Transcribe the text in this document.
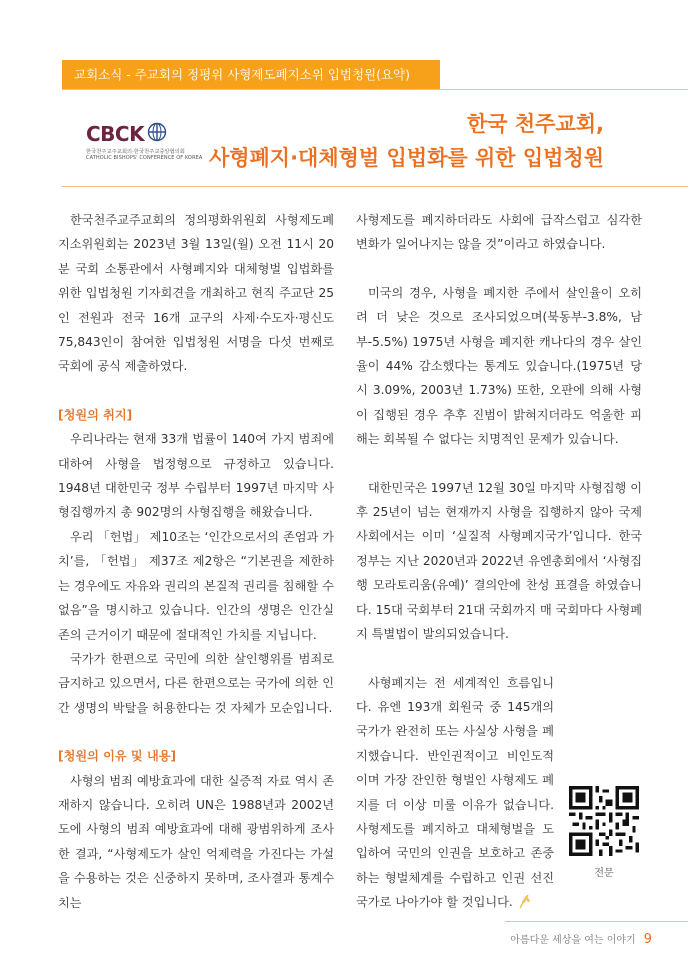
교회소식 - 주교회의 정평위 사형제도폐지소위 입법청원(요약)
CBCK
한국천주교주교회의·한국천주교중앙협의회
CATHOLIC BISHOPS' CONFERENCE OF KOREA
한국 천주교회,
사형폐지·대체형벌 입법화를 위한 입법청원

한국천주교주교회의 정의평화위원회 사형제도폐지소위원회는 2023년 3월 13일(월) 오전 11시 20분 국회 소통관에서 사형폐지와 대체형벌 입법화를 위한 입법청원 기자회견을 개최하고 현직 주교단 25인 전원과 전국 16개 교구의 사제·수도자·평신도 75,843인이 참여한 입법청원 서명을 다섯 번째로 국회에 공식 제출하였다.

[청원의 취지]

우리나라는 현재 33개 법률이 140여 가지 범죄에 대하여 사형을 법정형으로 규정하고 있습니다. 1948년 대한민국 정부 수립부터 1997년 마지막 사형집행까지 총 902명의 사형집행을 해왔습니다.

우리 「헌법」 제10조는 ‘인간으로서의 존엄과 가치’를, 「헌법」 제37조 제2항은 “기본권을 제한하는 경우에도 자유와 권리의 본질적 권리를 침해할 수 없음”을 명시하고 있습니다. 인간의 생명은 인간실존의 근거이기 때문에 절대적인 가치를 지닙니다.

국가가 한편으로 국민에 의한 살인행위를 범죄로 금지하고 있으면서, 다른 한편으로는 국가에 의한 인간 생명의 박탈을 허용한다는 것 자체가 모순입니다.

[청원의 이유 및 내용]

사형의 범죄 예방효과에 대한 실증적 자료 역시 존재하지 않습니다. 오히려 UN은 1988년과 2002년도에 사형의 범죄 예방효과에 대해 광범위하게 조사한 결과, “사형제도가 살인 억제력을 가진다는 가설을 수용하는 것은 신중하지 못하며, 조사결과 통계수치는

사형제도를 폐지하더라도 사회에 급작스럽고 심각한 변화가 일어나지는 않을 것”이라고 하였습니다.

미국의 경우, 사형을 폐지한 주에서 살인율이 오히려 더 낮은 것으로 조사되었으며(북동부-3.8%, 남부-5.5%) 1975년 사형을 폐지한 캐나다의 경우 살인율이 44% 감소했다는 통계도 있습니다.(1975년 당시 3.09%, 2003년 1.73%) 또한, 오판에 의해 사형이 집행된 경우 추후 진범이 밝혀지더라도 억울한 피해는 회복될 수 없다는 치명적인 문제가 있습니다.

대한민국은 1997년 12월 30일 마지막 사형집행 이후 25년이 넘는 현재까지 사형을 집행하지 않아 국제사회에서는 이미 ‘실질적 사형폐지국가’입니다. 한국 정부는 지난 2020년과 2022년 유엔총회에서 ‘사형집행 모라토리움(유예)’ 결의안에 찬성 표결을 하였습니다. 15대 국회부터 21대 국회까지 매 국회마다 사형폐지 특별법이 발의되었습니다.

사형폐지는 전 세계적인 흐름입니다. 유엔 193개 회원국 중 145개의 국가가 완전히 또는 사실상 사형을 폐지했습니다. 반인권적이고 비인도적이며 가장 잔인한 형벌인 사형제도 폐지를 더 이상 미룰 이유가 없습니다. 사형제도를 폐지하고 대체형벌을 도입하여 국민의 인권을 보호하고 존중하는 형벌체계를 수립하고 인권 선진 국가로 나아가야 할 것입니다.

전문
아름다운 세상을 여는 이야기 9
